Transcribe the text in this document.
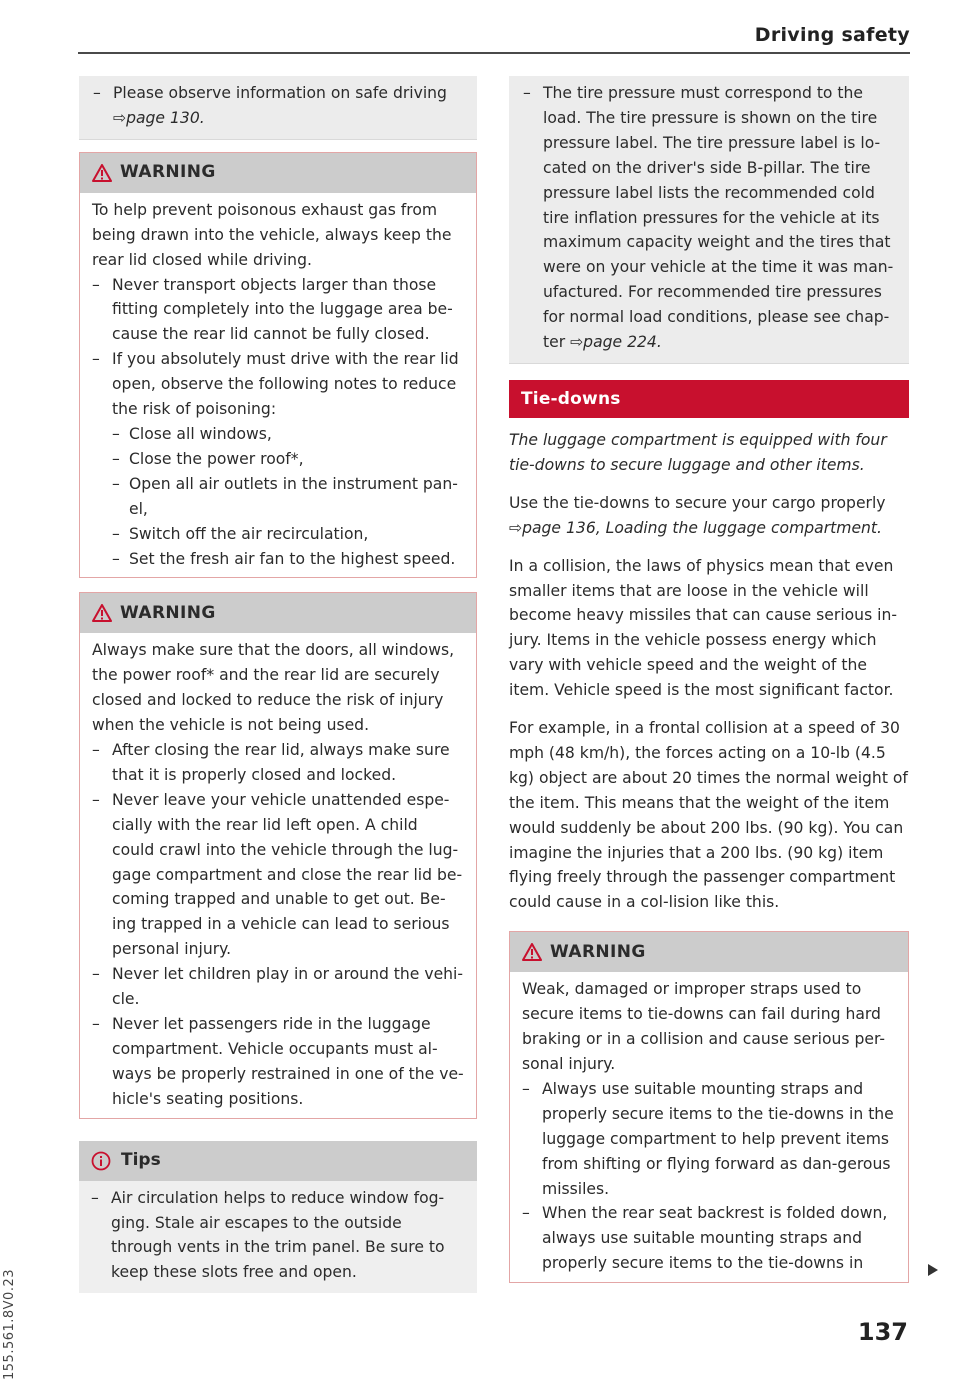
Driving safety
155.561.8V0.23
– Please observe information on safe driving
⇨page 130.
WARNING

To help prevent poisonous exhaust gas from being drawn into the vehicle, always keep the rear lid closed while driving.

– Never transport objects larger than those fitting completely into the luggage area be-cause the rear lid cannot be fully closed.
– If you absolutely must drive with the rear lid open, observe the following notes to reduce the risk of poisoning:
– Close all windows,
– Close the power roof*,
– Open all air outlets in the instrument pan-el,
– Switch off the air recirculation,
– Set the fresh air fan to the highest speed.
WARNING

Always make sure that the doors, all windows, the power roof* and the rear lid are securely closed and locked to reduce the risk of injury when the vehicle is not being used.

– After closing the rear lid, always make sure that it is properly closed and locked.
– Never leave your vehicle unattended espe-cially with the rear lid left open. A child could crawl into the vehicle through the lug-gage compartment and close the rear lid be-coming trapped and unable to get out. Be-ing trapped in a vehicle can lead to serious personal injury.
– Never let children play in or around the vehi-cle.
– Never let passengers ride in the luggage compartment. Vehicle occupants must al-ways be properly restrained in one of the ve-hicle's seating positions.
Tips
– Air circulation helps to reduce window fog-ging. Stale air escapes to the outside through vents in the trim panel. Be sure to keep these slots free and open.
– The tire pressure must correspond to the load. The tire pressure is shown on the tire pressure label. The tire pressure label is lo-cated on the driver's side B-pillar. The tire pressure label lists the recommended cold tire inflation pressures for the vehicle at its maximum capacity weight and the tires that were on your vehicle at the time it was man-ufactured. For recommended tire pressures for normal load conditions, please see chap-ter ⇨page 224.
Tie-downs

The luggage compartment is equipped with four tie-downs to secure luggage and other items.

Use the tie-downs to secure your cargo properly
⇨page 136, Loading the luggage compartment.

In a collision, the laws of physics mean that even smaller items that are loose in the vehicle will become heavy missiles that can cause serious in-jury. Items in the vehicle possess energy which vary with vehicle speed and the weight of the item. Vehicle speed is the most significant factor.

For example, in a frontal collision at a speed of 30 mph (48 km/h), the forces acting on a 10-lb (4.5 kg) object are about 20 times the normal weight of the item. This means that the weight of the item would suddenly be about 200 lbs. (90 kg). You can imagine the injuries that a 200 lbs. (90 kg) item flying freely through the passenger compartment could cause in a col-lision like this.

WARNING

Weak, damaged or improper straps used to secure items to tie-downs can fail during hard braking or in a collision and cause serious per-sonal injury.

– Always use suitable mounting straps and properly secure items to the tie-downs in the luggage compartment to help prevent items from shifting or flying forward as dan-gerous missiles.
– When the rear seat backrest is folded down, always use suitable mounting straps and properly secure items to the tie-downs in
137
